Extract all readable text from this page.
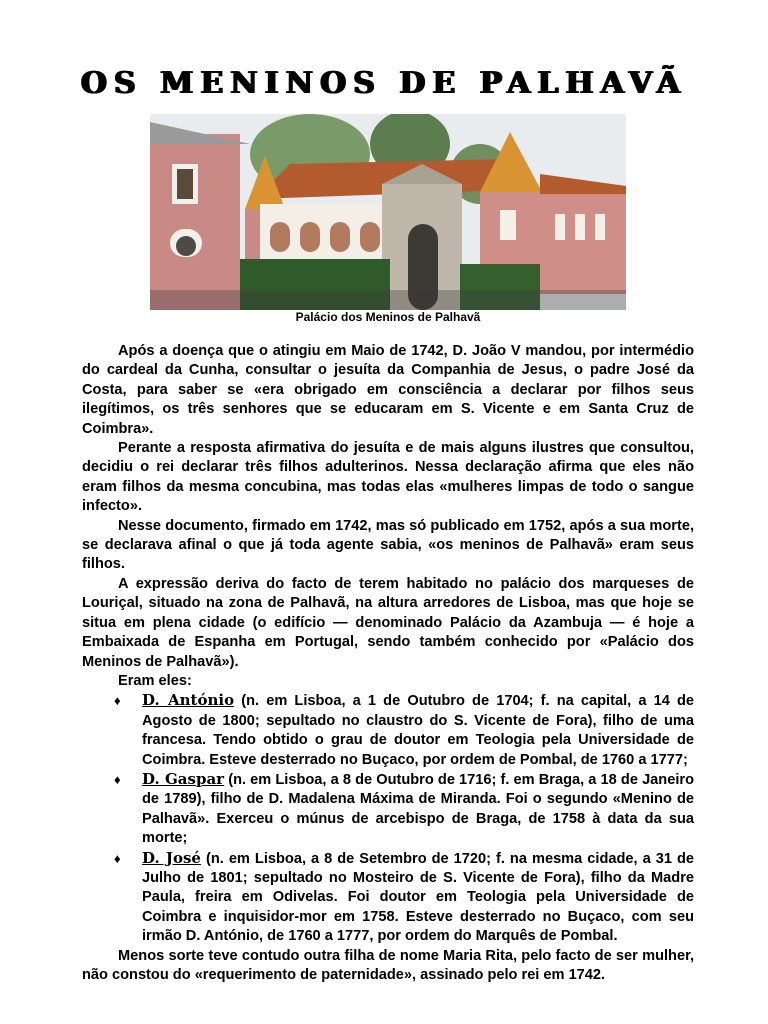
OS MENINOS DE PALHAVÃ
Palácio dos Meninos de Palhavã

Após a doença que o atingiu em Maio de 1742, D. João V mandou, por intermédio do cardeal da Cunha, consultar o jesuíta da Companhia de Jesus, o padre José da Costa, para saber se «era obrigado em consciência a declarar por filhos seus ilegítimos, os três senhores que se educaram em S. Vicente e em Santa Cruz de Coimbra».

Perante a resposta afirmativa do jesuíta e de mais alguns ilustres que consultou, decidiu o rei declarar três filhos adulterinos. Nessa declaração afirma que eles não eram filhos da mesma concubina, mas todas elas «mulheres limpas de todo o sangue infecto».

Nesse documento, firmado em 1742, mas só publicado em 1752, após a sua morte, se declarava afinal o que já toda agente sabia, «os meninos de Palhavã» eram seus filhos.

A expressão deriva do facto de terem habitado no palácio dos marqueses de Louriçal, situado na zona de Palhavã, na altura arredores de Lisboa, mas que hoje se situa em plena cidade (o edifício — denominado Palácio da Azambuja — é hoje a Embaixada de Espanha em Portugal, sendo também conhecido por «Palácio dos Meninos de Palhavã»).

Eram eles:

♦ D. António (n. em Lisboa, a 1 de Outubro de 1704; f. na capital, a 14 de Agosto de 1800; sepultado no claustro do S. Vicente de Fora), filho de uma francesa. Tendo obtido o grau de doutor em Teologia pela Universidade de Coimbra. Esteve desterrado no Buçaco, por ordem de Pombal, de 1760 a 1777;
♦ D. Gaspar (n. em Lisboa, a 8 de Outubro de 1716; f. em Braga, a 18 de Janeiro de 1789), filho de D. Madalena Máxima de Miranda. Foi o segundo «Menino de Palhavã». Exerceu o múnus de arcebispo de Braga, de 1758 à data da sua morte;
♦ D. José (n. em Lisboa, a 8 de Setembro de 1720; f. na mesma cidade, a 31 de Julho de 1801; sepultado no Mosteiro de S. Vicente de Fora), filho da Madre Paula, freira em Odivelas. Foi doutor em Teologia pela Universidade de Coimbra e inquisidor-mor em 1758. Esteve desterrado no Buçaco, com seu irmão D. António, de 1760 a 1777, por ordem do Marquês de Pombal.

Menos sorte teve contudo outra filha de nome Maria Rita, pelo facto de ser mulher, não constou do «requerimento de paternidade», assinado pelo rei em 1742.
